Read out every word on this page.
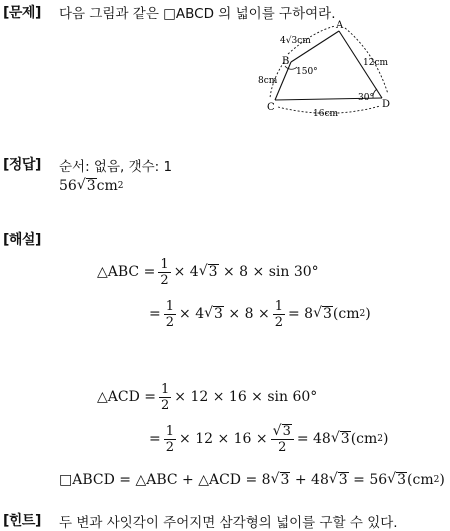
[문제] 다음 그림과 같은 □ABCD 의 넓이를 구하여라.
A
B
C	D
4√3cm
12cm
8cm
16cm
150°
30°
[정답] 순서: 없음, 갯수: 1
56 √ 3 cm 2
[해설]
△ABC = $\frac{1}{2} \times 4$ √ 3
× 8 × sin 30°
= $\frac{1}{2} \times 4$ √ 3
× $8 \times \frac{1}{2} = 8$ √ 3 (cm 2 )
△ACD = $\frac{1}{2} \times 12 \times 16 \times \sin 60^\circ$
= $\frac{1}{2} \times 12 \times 16 \times \frac{√ 3}{2} = 48$ √ 3 (cm 2 )
□ABCD = △ABC + △ACD = 8 √ 3
+ 48 √ 3
= 56 √ 3 (cm 2 )
[힌트] 두 변과 사잇각이 주어지면 삼각형의 넓이를 구할 수 있다.
